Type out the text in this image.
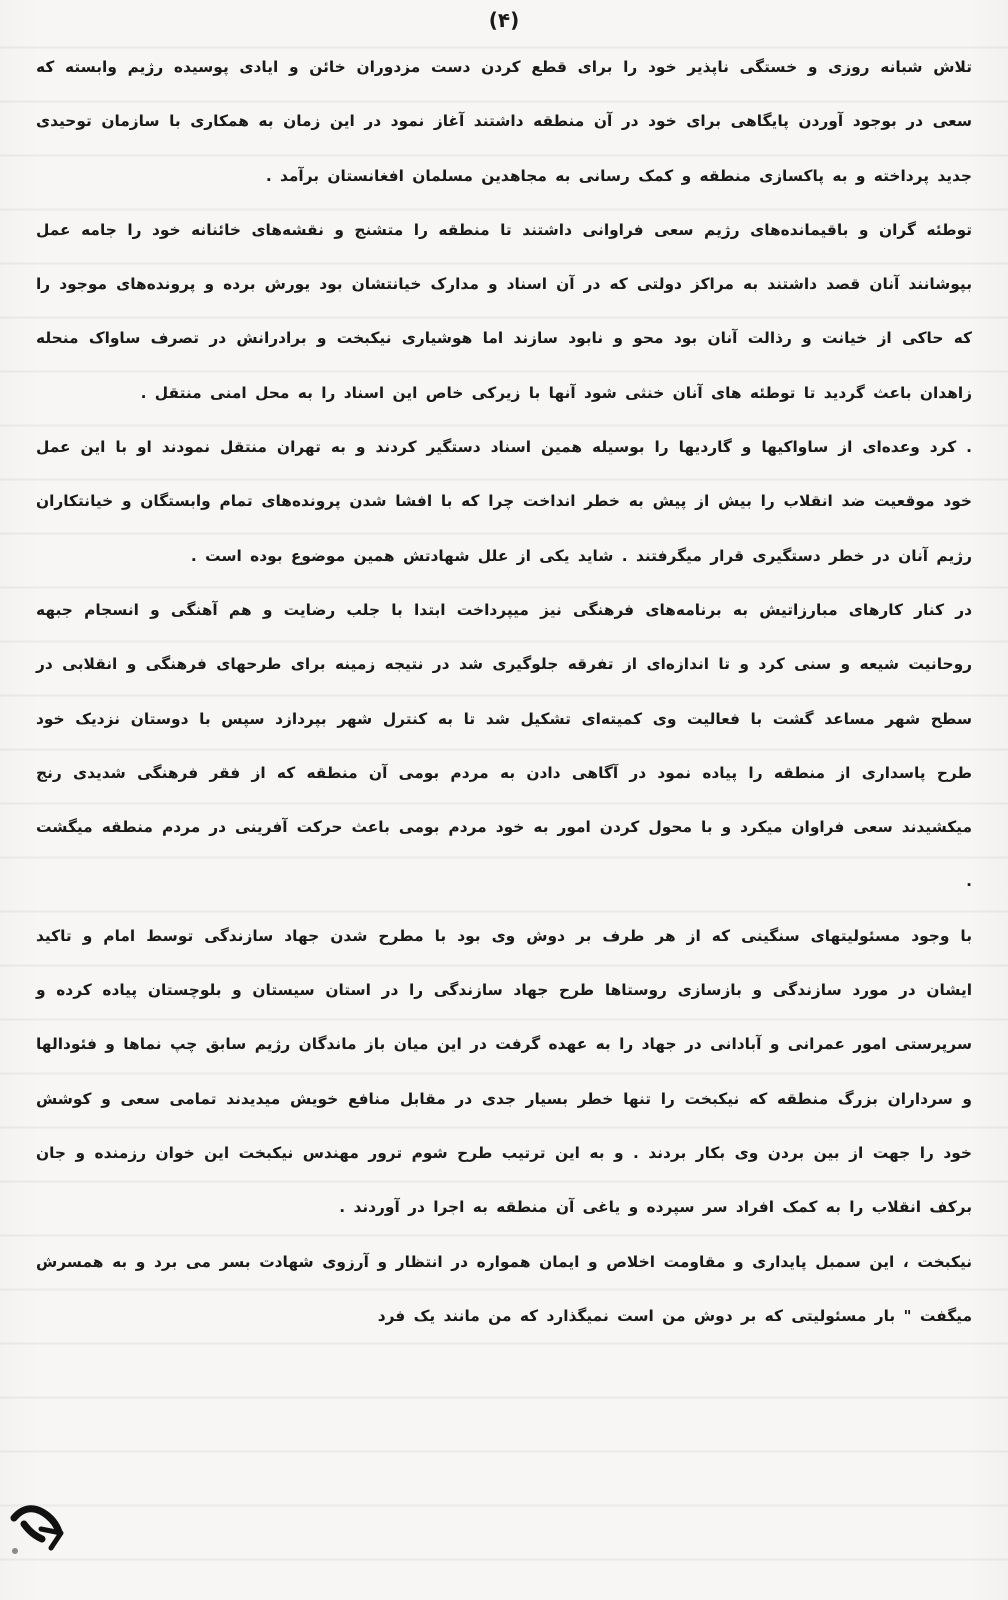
(۴)

تلاش شبانه روزی و خستگی ناپذیر خود را برای قطع کردن دست مزدوران خائن و ایادی پوسیده رژیم وابسته که سعی در بوجود آوردن پایگاهی برای خود در آن منطقه داشتند آغاز نمود در این زمان به همکاری با سازمان توحیدی جدید پرداخته و به پاکسازی منطقه و کمک رسانی به مجاهدین مسلمان افغانستان برآمد .

توطئه گران و باقیمانده‌های رژیم سعی فراوانی داشتند تا منطقه را متشنج و نقشه‌های خائنانه خود را جامه عمل بپوشانند آنان قصد داشتند به مراکز دولتی که در آن اسناد و مدارک خیانتشان بود یورش برده و پرونده‌های موجود را که حاکی از خیانت و رذالت آنان بود محو و نابود سازند اما هوشیاری نیکبخت و برادرانش در تصرف ساواک منحله زاهدان باعث گردید تا توطئه های آنان خنثی شود آنها با زیرکی خاص این اسناد را به محل امنی منتقل .

. کرد وعده‌ای از ساواکیها و گاردیها را بوسیله همین اسناد دستگیر کردند و به تهران منتقل نمودند او با این عمل خود موقعیت ضد انقلاب را بیش از پیش به خطر انداخت چرا که با افشا شدن پرونده‌های تمام وابستگان و خیانتکاران رژیم آنان در خطر دستگیری قرار میگرفتند . شاید یکی از علل شهادتش همین موضوع بوده است .

در کنار کارهای مبارزاتیش به برنامه‌های فرهنگی نیز میپرداخت ابتدا با جلب رضایت و هم آهنگی و انسجام جبهه روحانیت شیعه و سنی کرد و تا اندازه‌ای از تفرقه جلوگیری شد در نتیجه زمینه برای طرحهای فرهنگی و انقلابی در سطح شهر مساعد گشت با فعالیت وی کمیته‌ای تشکیل شد تا به کنترل شهر بپردازد سپس با دوستان نزدیک خود طرح پاسداری از منطقه را پیاده نمود در آگاهی دادن به مردم بومی آن منطقه که از فقر فرهنگی شدیدی رنج میکشیدند سعی فراوان میکرد و با محول کردن امور به خود مردم بومی باعث حرکت آفرینی در مردم منطقه میگشت .

با وجود مسئولیتهای سنگینی که از هر طرف بر دوش وی بود با مطرح شدن جهاد سازندگی توسط امام و تاکید ایشان در مورد سازندگی و بازسازی روستاها طرح جهاد سازندگی را در استان سیستان و بلوچستان پیاده کرده و سرپرستی امور عمرانی و آبادانی در جهاد را به عهده گرفت در این میان باز ماندگان رژیم سابق چپ نماها و فئودالها و سرداران بزرگ منطقه که نیکبخت را تنها خطر بسیار جدی در مقابل منافع خویش میدیدند تمامی سعی و کوشش خود را جهت از بین بردن وی بکار بردند . و به این ترتیب طرح شوم ترور مهندس نیکبخت این خوان رزمنده و جان برکف انقلاب را به کمک افراد سر سپرده و یاغی آن منطقه به اجرا در آوردند .

نیکبخت ، این سمبل پایداری و مقاومت اخلاص و ایمان همواره در انتظار و آرزوی شهادت بسر می برد و به همسرش میگفت " بار مسئولیتی که بر دوش من است نمیگذارد که من مانند یک فرد
